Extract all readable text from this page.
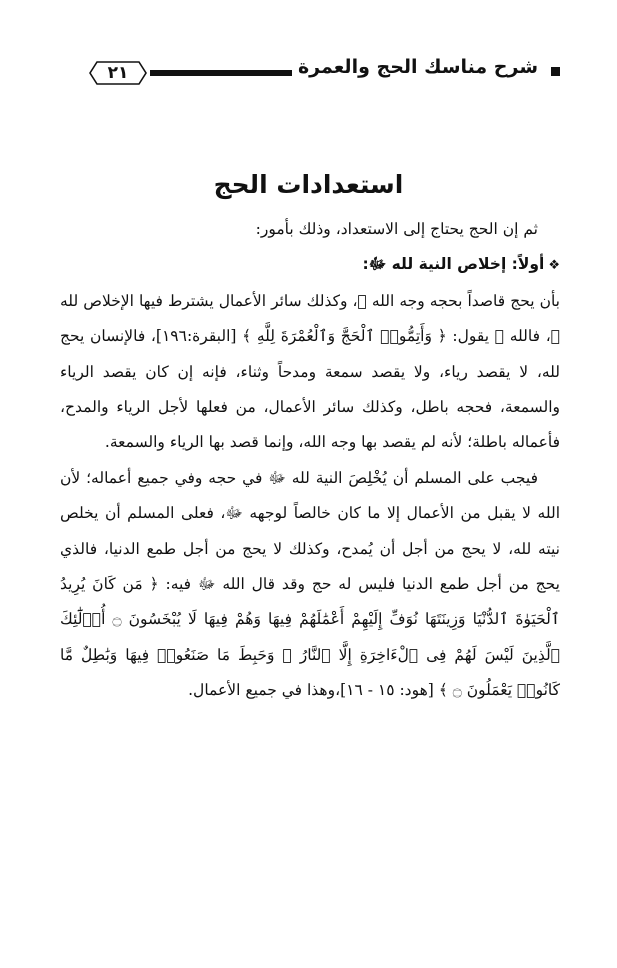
٢١	شرح مناسك الحج والعمرة
استعدادات الحج

ثم إن الحج يحتاج إلى الاستعداد، وذلك بأمور:

❖أولاً: إخلاص النية لله ﷻ:

بأن يحج قاصداً بحجه وجه الله ﷻ، وكذلك سائر الأعمال يشترط فيها الإخلاص لله ﷻ، فالله ﷻ يقول: ﴿ وَأَتِمُّوا۟ ٱلْحَجَّ وَٱلْعُمْرَةَ لِلَّهِ ﴾ [البقرة:١٩٦]، فالإنسان يحج لله، لا يقصد رياء، ولا يقصد سمعة ومدحاً وثناء، فإنه إن كان يقصد الرياء والسمعة، فحجه باطل، وكذلك سائر الأعمال، من فعلها لأجل الرياء والمدح، فأعماله باطلة؛ لأنه لم يقصد بها وجه الله، وإنما قصد بها الرياء والسمعة.

فيجب على المسلم أن يُخْلِصَ النية لله ﷻ في حجه وفي جميع أعماله؛ لأن الله لا يقبل من الأعمال إلا ما كان خالصاً لوجهه ﷻ، فعلى المسلم أن يخلص نيته لله، لا يحج من أجل أن يُمدح، وكذلك لا يحج من أجل طمع الدنيا، فالذي يحج من أجل طمع الدنيا فليس له حج وقد قال الله ﷻ فيه: ﴿ مَن كَانَ يُرِيدُ ٱلْحَيَوٰةَ ٱلدُّنْيَا وَزِينَتَهَا نُوَفِّ إِلَيْهِمْ أَعْمَٰلَهُمْ فِيهَا وَهُمْ فِيهَا لَا يُبْخَسُونَ ۝ أُو۟لَٰٓئِكَ ٱلَّذِينَ لَيْسَ لَهُمْ فِى ٱلْءَاخِرَةِ إِلَّا ٱلنَّارُ ۖ وَحَبِطَ مَا صَنَعُوا۟ فِيهَا وَبَٰطِلٌ مَّا كَانُوا۟ يَعْمَلُونَ ۝ ﴾ [هود: ١٥ - ١٦]،وهذا في جميع الأعمال.
